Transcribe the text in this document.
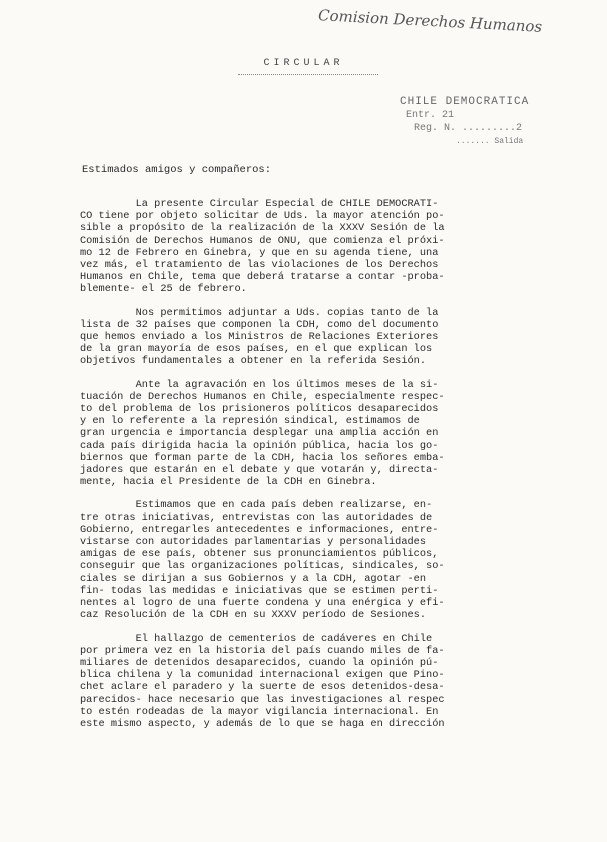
Comision Derechos Humanos
CIRCULAR
CHILE DEMOCRATICA
Entr. 21
Reg. N. .........2
....... Salida
Estimados amigos y compañeros:
La presente Circular Especial de CHILE DEMOCRATI-
CO tiene por objeto solicitar de Uds. la mayor atención po-
sible a propósito de la realización de la XXXV Sesión de la
Comisión de Derechos Humanos de ONU, que comienza el próxi-
mo 12 de Febrero en Ginebra, y que en su agenda tiene, una
vez más, el tratamiento de las violaciones de los Derechos
Humanos en Chile, tema que deberá tratarse a contar -proba-
blemente- el 25 de febrero.
Nos permitimos adjuntar a Uds. copias tanto de la
lista de 32 países que componen la CDH, como del documento
que hemos enviado a los Ministros de Relaciones Exteriores
de la gran mayoría de esos países, en el que explican los
objetivos fundamentales a obtener en la referida Sesión.
Ante la agravación en los últimos meses de la si-
tuación de Derechos Humanos en Chile, especialmente respec-
to del problema de los prisioneros políticos desaparecidos
y en lo referente a la represión sindical, estimamos de
gran urgencia e importancia desplegar una amplia acción en
cada país dirigida hacia la opinión pública, hacia los go-
biernos que forman parte de la CDH, hacia los señores emba-
jadores que estarán en el debate y que votarán y, directa-
mente, hacia el Presidente de la CDH en Ginebra.
Estimamos que en cada país deben realizarse, en-
tre otras iniciativas, entrevistas con las autoridades de
Gobierno, entregarles antecedentes e informaciones, entre-
vistarse con autoridades parlamentarias y personalidades
amigas de ese país, obtener sus pronunciamientos públicos,
conseguir que las organizaciones políticas, sindicales, so-
ciales se dirijan a sus Gobiernos y a la CDH, agotar -en
fin- todas las medidas e iniciativas que se estimen perti-
nentes al logro de una fuerte condena y una enérgica y efi-
caz Resolución de la CDH en su XXXV período de Sesiones.
El hallazgo de cementerios de cadáveres en Chile
por primera vez en la historia del país cuando miles de fa-
miliares de detenidos desaparecidos, cuando la opinión pú-
blica chilena y la comunidad internacional exigen que Pino-
chet aclare el paradero y la suerte de esos detenidos-desa-
parecidos- hace necesario que las investigaciones al respec
to estén rodeadas de la mayor vigilancia internacional. En
este mismo aspecto, y además de lo que se haga en dirección
